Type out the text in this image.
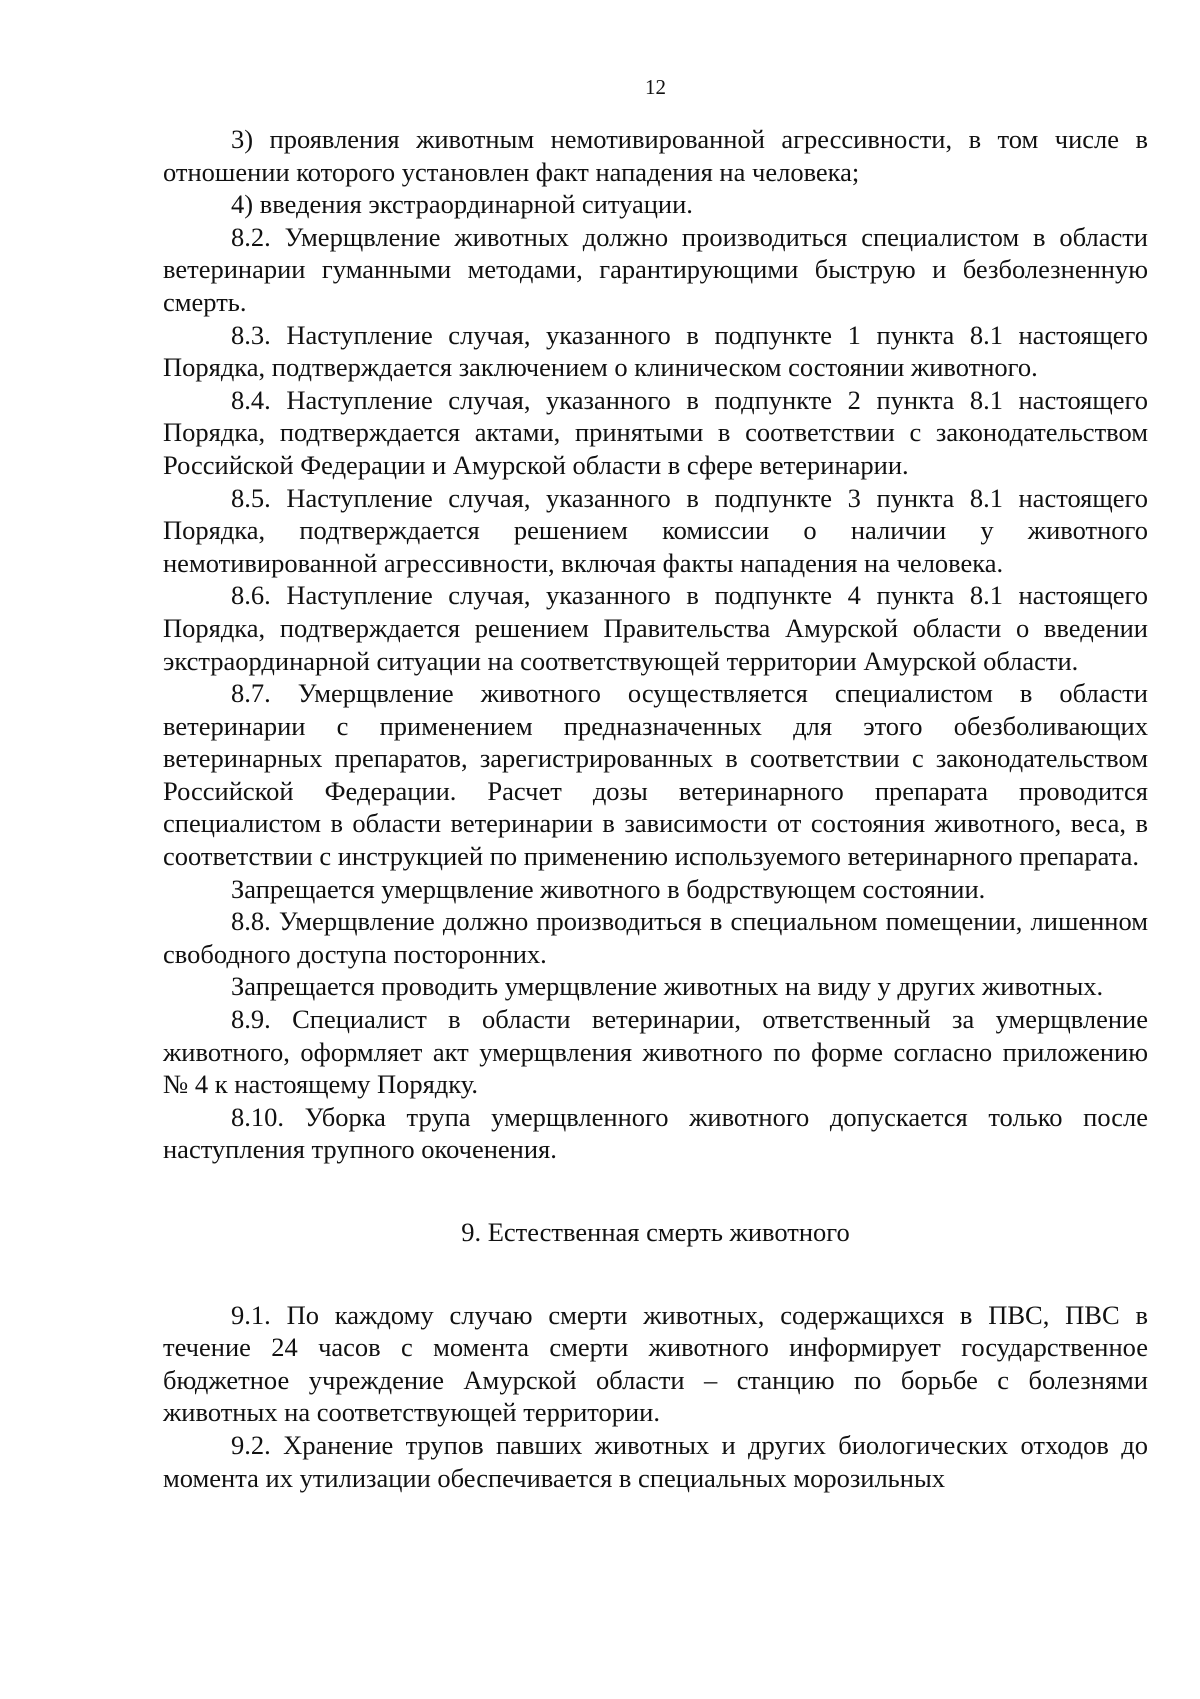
12

3) проявления животным немотивированной агрессивности, в том числе в отношении которого установлен факт нападения на человека;

4) введения экстраординарной ситуации.

8.2. Умерщвление животных должно производиться специалистом в области ветеринарии гуманными методами, гарантирующими быструю и безболезненную смерть.

8.3. Наступление случая, указанного в подпункте 1 пункта 8.1 настоящего Порядка, подтверждается заключением о клиническом состоянии животного.

8.4. Наступление случая, указанного в подпункте 2 пункта 8.1 настоящего Порядка, подтверждается актами, принятыми в соответствии с законодательством Российской Федерации и Амурской области в сфере ветеринарии.

8.5. Наступление случая, указанного в подпункте 3 пункта 8.1 настоящего Порядка, подтверждается решением комиссии о наличии у животного немотивированной агрессивности, включая факты нападения на человека.

8.6. Наступление случая, указанного в подпункте 4 пункта 8.1 настоящего Порядка, подтверждается решением Правительства Амурской области о введении экстраординарной ситуации на соответствующей территории Амурской области.

8.7. Умерщвление животного осуществляется специалистом в области ветеринарии с применением предназначенных для этого обезболивающих ветеринарных препаратов, зарегистрированных в соответствии с законодательством Российской Федерации. Расчет дозы ветеринарного препарата проводится специалистом в области ветеринарии в зависимости от состояния животного, веса, в соответствии с инструкцией по применению используемого ветеринарного препарата.

Запрещается умерщвление животного в бодрствующем состоянии.

8.8. Умерщвление должно производиться в специальном помещении, лишенном свободного доступа посторонних.

Запрещается проводить умерщвление животных на виду у других животных.

8.9. Специалист в области ветеринарии, ответственный за умерщвление животного, оформляет акт умерщвления животного по форме согласно приложению № 4 к настоящему Порядку.

8.10. Уборка трупа умерщвленного животного допускается только после наступления трупного окоченения.

9. Естественная смерть животного

9.1. По каждому случаю смерти животных, содержащихся в ПВС, ПВС в течение 24 часов с момента смерти животного информирует государственное бюджетное учреждение Амурской области – станцию по борьбе с болезнями животных на соответствующей территории.

9.2. Хранение трупов павших животных и других биологических отходов до момента их утилизации обеспечивается в специальных морозильных
